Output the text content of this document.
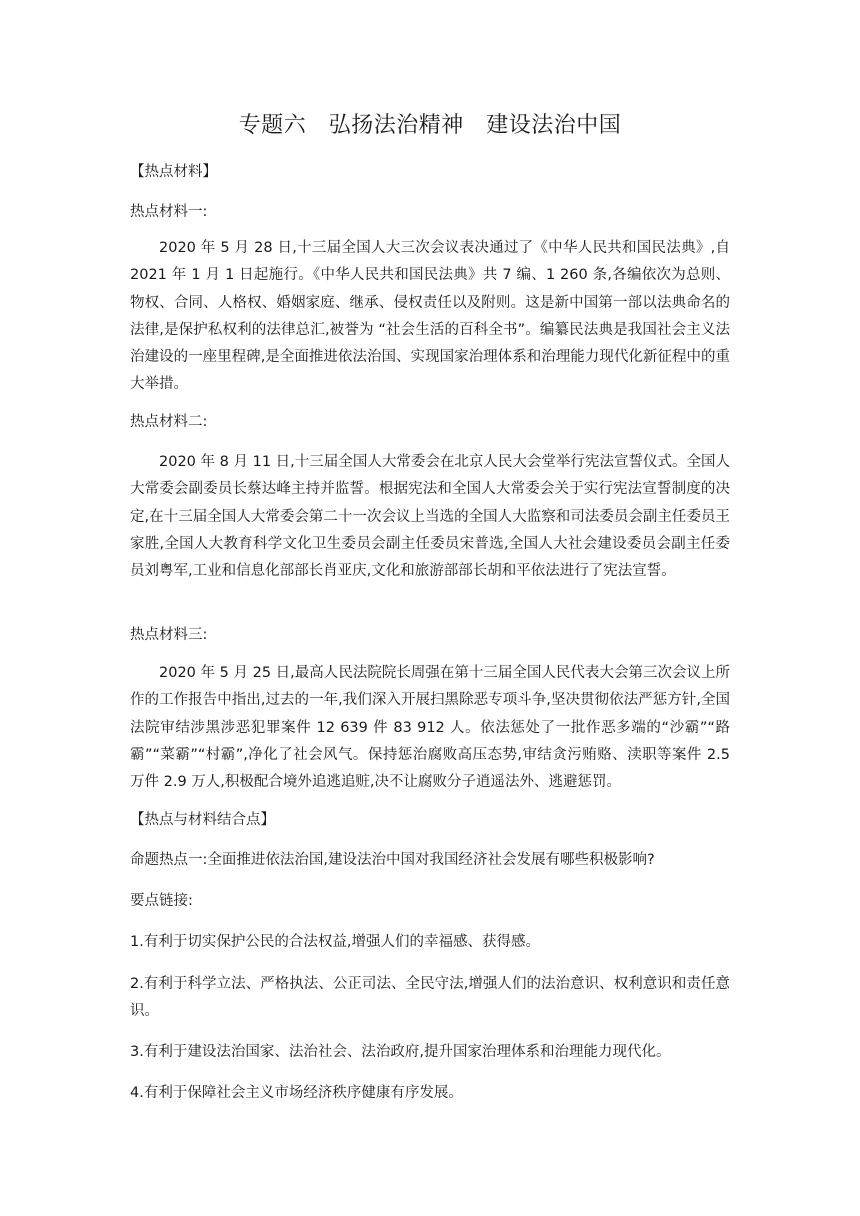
专题六　弘扬法治精神　建设法治中国

【热点材料】

热点材料一:

2020 年 5 月 28 日,十三届全国人大三次会议表决通过了《中华人民共和国民法典》,自 2021 年 1 月 1 日起施行。《中华人民共和国民法典》共 7 编、1 260 条,各编依次为总则、物权、合同、人格权、婚姻家庭、继承、侵权责任以及附则。这是新中国第一部以法典命名的法律,是保护私权利的法律总汇,被誉为 “社会生活的百科全书”。编纂民法典是我国社会主义法治建设的一座里程碑,是全面推进依法治国、实现国家治理体系和治理能力现代化新征程中的重大举措。

热点材料二:

2020 年 8 月 11 日,十三届全国人大常委会在北京人民大会堂举行宪法宣誓仪式。全国人大常委会副委员长蔡达峰主持并监誓。根据宪法和全国人大常委会关于实行宪法宣誓制度的决定,在十三届全国人大常委会第二十一次会议上当选的全国人大监察和司法委员会副主任委员王家胜,全国人大教育科学文化卫生委员会副主任委员宋普选,全国人大社会建设委员会副主任委员刘粤军,工业和信息化部部长肖亚庆,文化和旅游部部长胡和平依法进行了宪法宣誓。

热点材料三:

2020 年 5 月 25 日,最高人民法院院长周强在第十三届全国人民代表大会第三次会议上所作的工作报告中指出,过去的一年,我们深入开展扫黑除恶专项斗争,坚决贯彻依法严惩方针,全国法院审结涉黑涉恶犯罪案件 12 639 件 83 912 人。依法惩处了一批作恶多端的“沙霸”“路霸”“菜霸”“村霸”,净化了社会风气。保持惩治腐败高压态势,审结贪污贿赂、渎职等案件 2.5 万件 2.9 万人,积极配合境外追逃追赃,决不让腐败分子逍遥法外、逃避惩罚。

【热点与材料结合点】

命题热点一:全面推进依法治国,建设法治中国对我国经济社会发展有哪些积极影响?

要点链接:

1.有利于切实保护公民的合法权益,增强人们的幸福感、获得感。

2.有利于科学立法、严格执法、公正司法、全民守法,增强人们的法治意识、权利意识和责任意识。

3.有利于建设法治国家、法治社会、法治政府,提升国家治理体系和治理能力现代化。

4.有利于保障社会主义市场经济秩序健康有序发展。
